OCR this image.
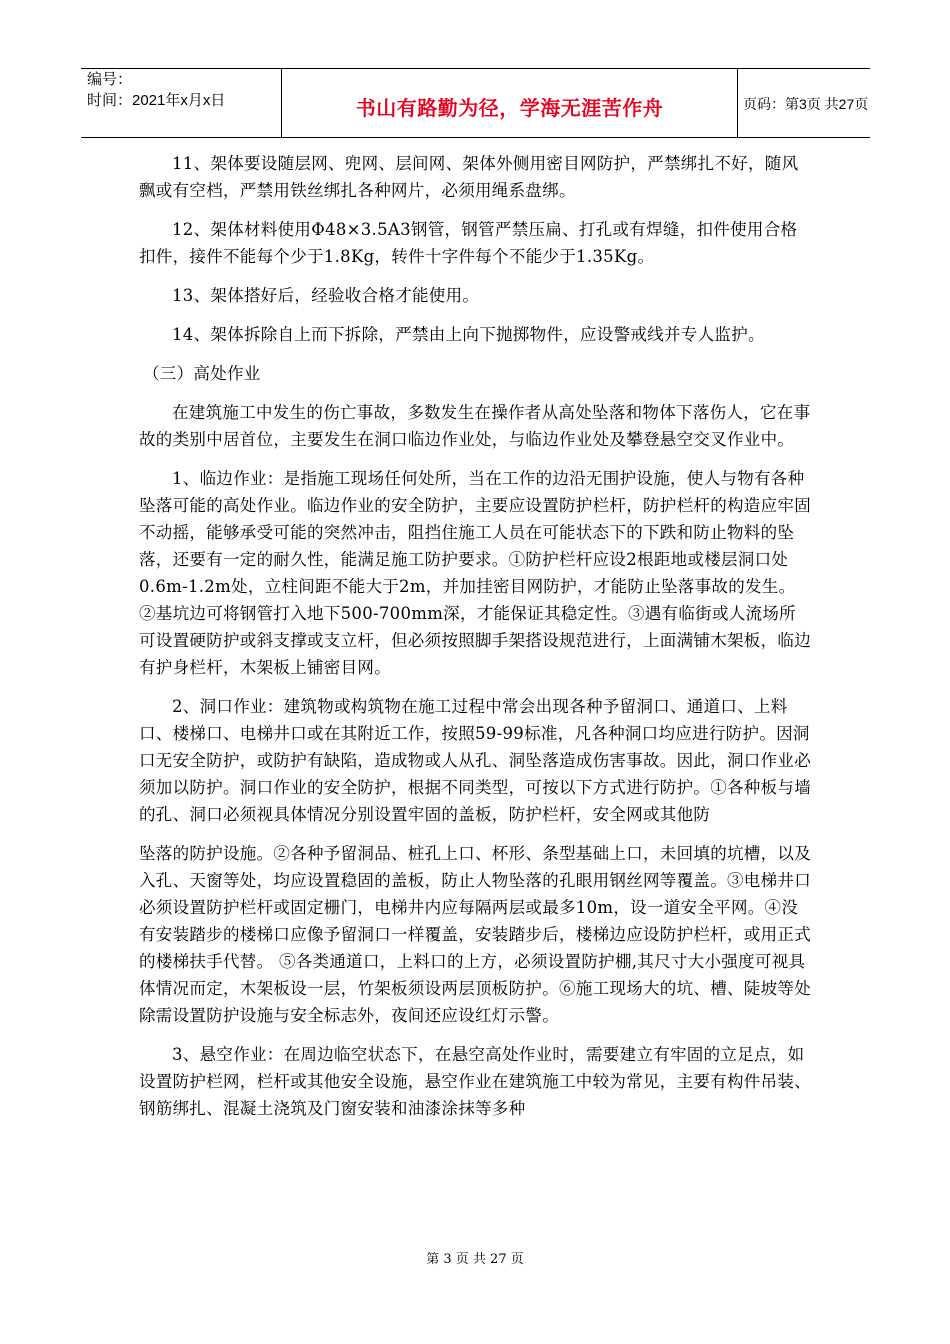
编号：
时间：2021年x月x日	书山有路勤为径，学海无涯苦作舟	页码：第3页 共27页

11、架体要设随层网、兜网、层间网、架体外侧用密目网防护，严禁绑扎不好，随风飘或有空档，严禁用铁丝绑扎各种网片，必须用绳系盘绑。

12、架体材料使用Φ48×3.5A3钢管，钢管严禁压扁、打孔或有焊缝，扣件使用合格扣件，接件不能每个少于1.8Kg，转件十字件每个不能少于1.35Kg。

13、架体搭好后，经验收合格才能使用。

14、架体拆除自上而下拆除，严禁由上向下抛掷物件，应设警戒线并专人监护。

（三）高处作业

在建筑施工中发生的伤亡事故，多数发生在操作者从高处坠落和物体下落伤人，它在事故的类别中居首位，主要发生在洞口临边作业处，与临边作业处及攀登悬空交叉作业中。

1、临边作业：是指施工现场任何处所，当在工作的边沿无围护设施，使人与物有各种坠落可能的高处作业。临边作业的安全防护，主要应设置防护栏杆，防护栏杆的构造应牢固不动摇，能够承受可能的突然冲击，阻挡住施工人员在可能状态下的下跌和防止物料的坠落，还要有一定的耐久性，能满足施工防护要求。①防护栏杆应设2根距地或楼层洞口处0.6m-1.2m处，立柱间距不能大于2m，并加挂密目网防护，才能防止坠落事故的发生。②基坑边可将钢管打入地下500-700mm深，才能保证其稳定性。③遇有临街或人流场所可设置硬防护或斜支撑或支立杆，但必须按照脚手架搭设规范进行，上面满铺木架板，临边有护身栏杆，木架板上铺密目网。

2、洞口作业：建筑物或构筑物在施工过程中常会出现各种予留洞口、通道口、上料口、楼梯口、电梯井口或在其附近工作，按照59-99标准，凡各种洞口均应进行防护。因洞口无安全防护，或防护有缺陷，造成物或人从孔、洞坠落造成伤害事故。因此，洞口作业必须加以防护。洞口作业的安全防护，根据不同类型，可按以下方式进行防护。①各种板与墙的孔、洞口必须视具体情况分别设置牢固的盖板，防护栏杆，安全网或其他防

坠落的防护设施。②各种予留洞品、桩孔上口、杯形、条型基础上口，未回填的坑槽，以及入孔、天窗等处，均应设置稳固的盖板，防止人物坠落的孔眼用钢丝网等覆盖。③电梯井口必须设置防护栏杆或固定栅门，电梯井内应每隔两层或最多10m，设一道安全平网。④没有安装踏步的楼梯口应像予留洞口一样覆盖，安装踏步后，楼梯边应设防护栏杆，或用正式的楼梯扶手代替。 ⑤各类通道口，上料口的上方，必须设置防护棚,其尺寸大小强度可视具体情况而定，木架板设一层，竹架板须设两层顶板防护。⑥施工现场大的坑、槽、陡坡等处除需设置防护设施与安全标志外，夜间还应设红灯示警。

3、悬空作业：在周边临空状态下，在悬空高处作业时，需要建立有牢固的立足点，如设置防护栏网，栏杆或其他安全设施，悬空作业在建筑施工中较为常见，主要有构件吊装、钢筋绑扎、混凝土浇筑及门窗安装和油漆涂抹等多种

第 3 页 共 27 页
